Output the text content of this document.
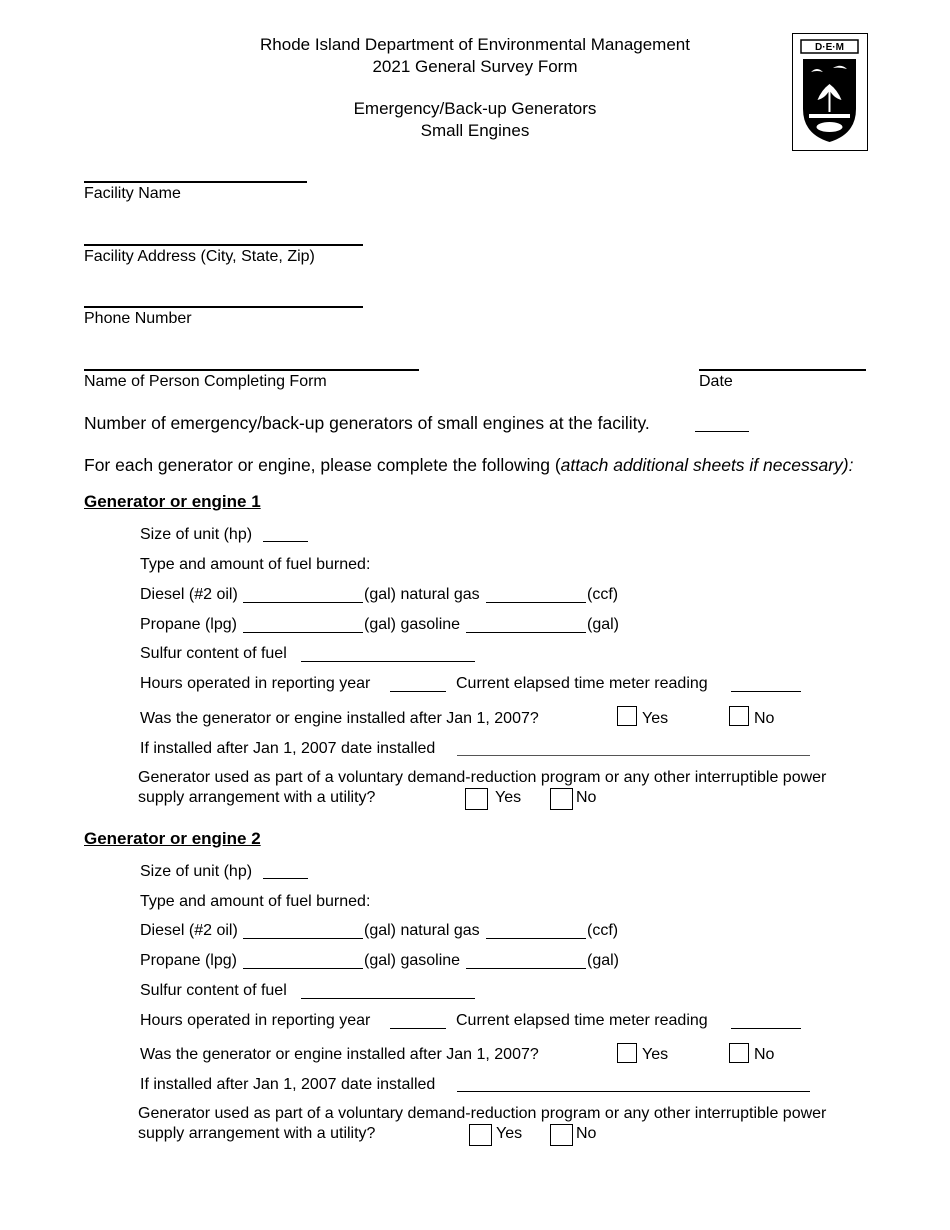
Rhode Island Department of Environmental Management
2021 General Survey Form
Emergency/Back-up Generators
Small Engines
D·E·M
Facility Name
Facility Address (City, State, Zip)
Phone Number
Name of Person Completing Form	Date
Number of emergency/back-up generators of small engines at the facility.
For each generator or engine, please complete the following (attach additional sheets if necessary):
Generator or engine 1
Size of unit (hp)
Type and amount of fuel burned:
Diesel (#2 oil)	(gal) natural gas	(ccf)
Propane (lpg)	(gal) gasoline	(gal)
Sulfur content of fuel
Hours operated in reporting year	Current elapsed time meter reading
Was the generator or engine installed after Jan 1, 2007?	Yes	No
If installed after Jan 1, 2007 date installed
Generator used as part of a voluntary demand-reduction program or any other interruptible power
supply arrangement with a utility?	Yes	No
Generator or engine 2
Size of unit (hp)
Type and amount of fuel burned:
Diesel (#2 oil)	(gal) natural gas	(ccf)
Propane (lpg)	(gal) gasoline	(gal)
Sulfur content of fuel
Hours operated in reporting year	Current elapsed time meter reading
Was the generator or engine installed after Jan 1, 2007?	Yes	No
If installed after Jan 1, 2007 date installed
Generator used as part of a voluntary demand-reduction program or any other interruptible power
supply arrangement with a utility?	Yes	No
